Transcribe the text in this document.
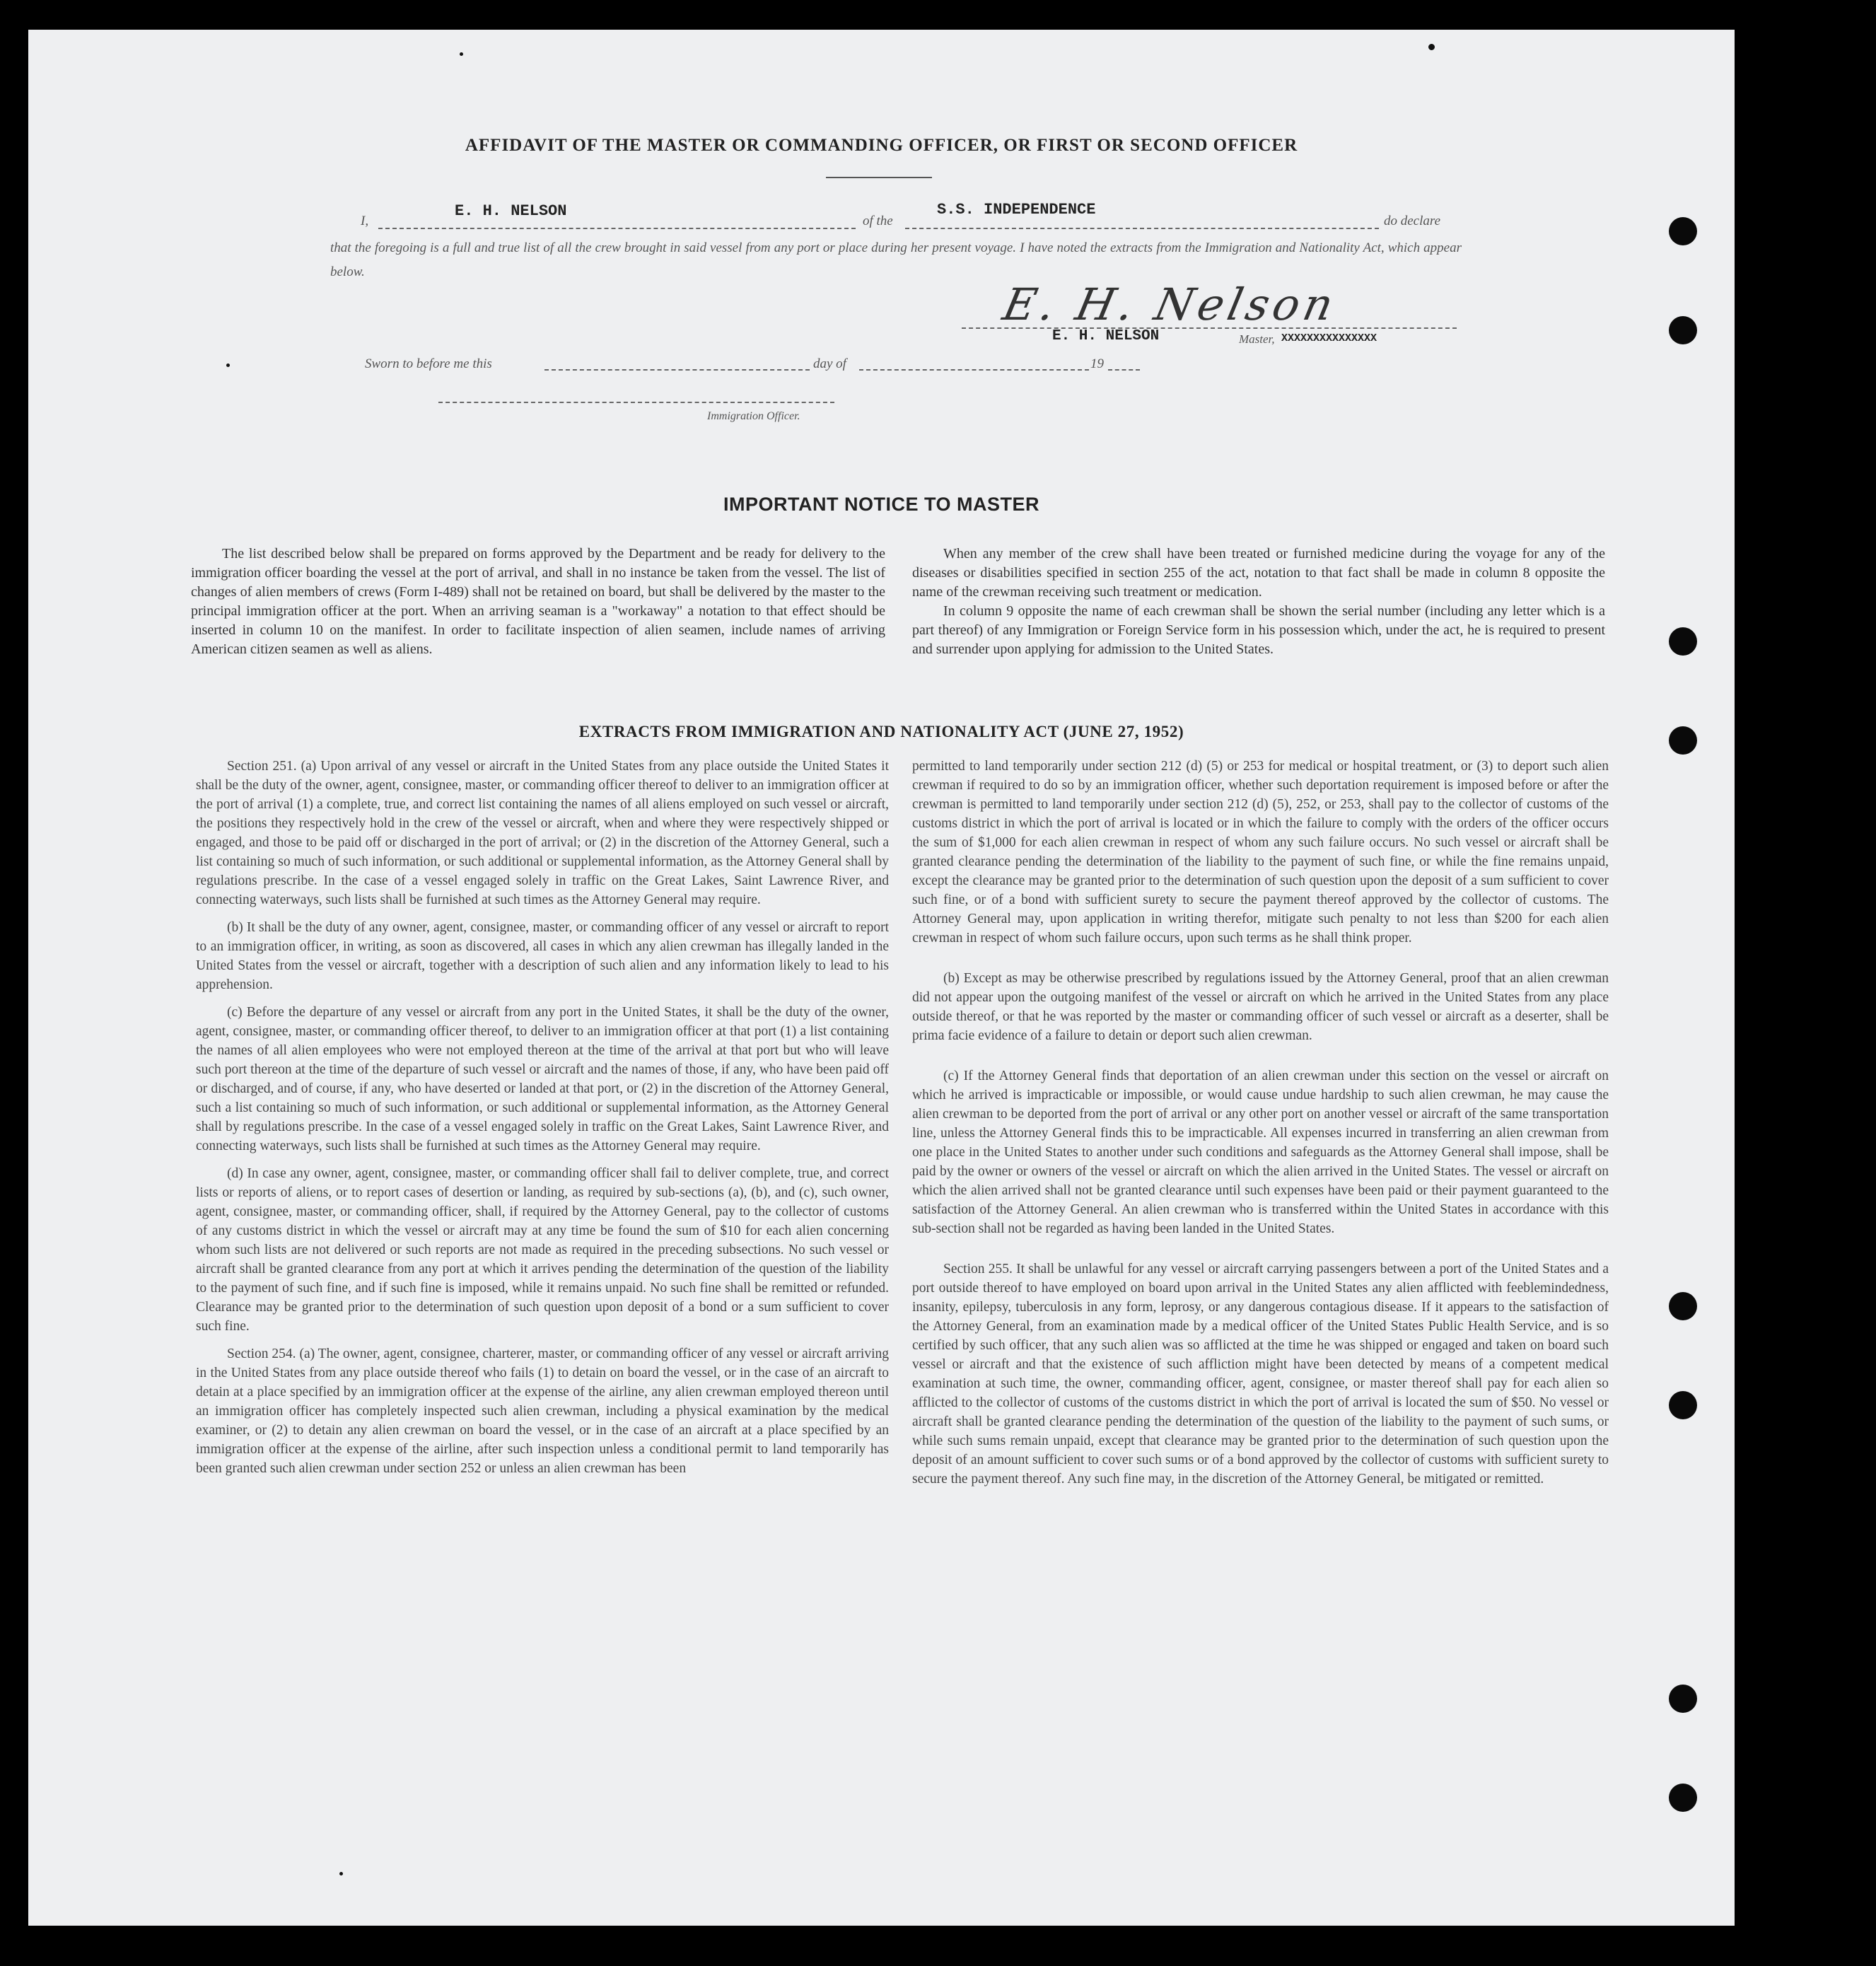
AFFIDAVIT OF THE MASTER OR COMMANDING OFFICER, OR FIRST OR SECOND OFFICER
I,
E. H. NELSON
of the
S.S. INDEPENDENCE
do declare
that the foregoing is a full and true list of all the crew brought in said vessel from any port or place during her present voyage. I have noted the extracts from the Immigration and Nationality Act, which appear below.
E. H. Nelson
E. H. NELSON	Master, XXXXXXXXXXXXXXX
Sworn to before me this	day of	19
Immigration Officer.
IMPORTANT NOTICE TO MASTER

The list described below shall be prepared on forms approved by the Department and be ready for delivery to the immigration officer boarding the vessel at the port of arrival, and shall in no instance be taken from the vessel. The list of changes of alien members of crews (Form I-489) shall not be retained on board, but shall be delivered by the master to the principal immigration officer at the port. When an arriving seaman is a "workaway" a notation to that effect should be inserted in column 10 on the manifest. In order to facilitate inspection of alien seamen, include names of arriving American citizen seamen as well as aliens.

When any member of the crew shall have been treated or furnished medicine during the voyage for any of the diseases or disabilities specified in section 255 of the act, notation to that fact shall be made in column 8 opposite the name of the crewman receiving such treatment or medication.

In column 9 opposite the name of each crewman shall be shown the serial number (including any letter which is a part thereof) of any Immigration or Foreign Service form in his possession which, under the act, he is required to present and surrender upon applying for admission to the United States.

EXTRACTS FROM IMMIGRATION AND NATIONALITY ACT (JUNE 27, 1952)

Section 251. (a) Upon arrival of any vessel or aircraft in the United States from any place outside the United States it shall be the duty of the owner, agent, consignee, master, or commanding officer thereof to deliver to an immigration officer at the port of arrival (1) a complete, true, and correct list containing the names of all aliens employed on such vessel or aircraft, the positions they respectively hold in the crew of the vessel or aircraft, when and where they were respectively shipped or engaged, and those to be paid off or discharged in the port of arrival; or (2) in the discretion of the Attorney General, such a list containing so much of such information, or such additional or supplemental information, as the Attorney General shall by regulations prescribe. In the case of a vessel engaged solely in traffic on the Great Lakes, Saint Lawrence River, and connecting waterways, such lists shall be furnished at such times as the Attorney General may require.

(b) It shall be the duty of any owner, agent, consignee, master, or commanding officer of any vessel or aircraft to report to an immigration officer, in writing, as soon as discovered, all cases in which any alien crewman has illegally landed in the United States from the vessel or aircraft, together with a description of such alien and any information likely to lead to his apprehension.

(c) Before the departure of any vessel or aircraft from any port in the United States, it shall be the duty of the owner, agent, consignee, master, or commanding officer thereof, to deliver to an immigration officer at that port (1) a list containing the names of all alien employees who were not employed thereon at the time of the arrival at that port but who will leave such port thereon at the time of the departure of such vessel or aircraft and the names of those, if any, who have been paid off or discharged, and of course, if any, who have deserted or landed at that port, or (2) in the discretion of the Attorney General, such a list containing so much of such information, or such additional or supplemental information, as the Attorney General shall by regulations prescribe. In the case of a vessel engaged solely in traffic on the Great Lakes, Saint Lawrence River, and connecting waterways, such lists shall be furnished at such times as the Attorney General may require.

(d) In case any owner, agent, consignee, master, or commanding officer shall fail to deliver complete, true, and correct lists or reports of aliens, or to report cases of desertion or landing, as required by sub-sections (a), (b), and (c), such owner, agent, consignee, master, or commanding officer, shall, if required by the Attorney General, pay to the collector of customs of any customs district in which the vessel or aircraft may at any time be found the sum of $10 for each alien concerning whom such lists are not delivered or such reports are not made as required in the preceding subsections. No such vessel or aircraft shall be granted clearance from any port at which it arrives pending the determination of the question of the liability to the payment of such fine, and if such fine is imposed, while it remains unpaid. No such fine shall be remitted or refunded. Clearance may be granted prior to the determination of such question upon deposit of a bond or a sum sufficient to cover such fine.

Section 254. (a) The owner, agent, consignee, charterer, master, or commanding officer of any vessel or aircraft arriving in the United States from any place outside thereof who fails (1) to detain on board the vessel, or in the case of an aircraft to detain at a place specified by an immigration officer at the expense of the airline, any alien crewman employed thereon until an immigration officer has completely inspected such alien crewman, including a physical examination by the medical examiner, or (2) to detain any alien crewman on board the vessel, or in the case of an aircraft at a place specified by an immigration officer at the expense of the airline, after such inspection unless a conditional permit to land temporarily has been granted such alien crewman under section 252 or unless an alien crewman has been

permitted to land temporarily under section 212 (d) (5) or 253 for medical or hospital treatment, or (3) to deport such alien crewman if required to do so by an immigration officer, whether such deportation requirement is imposed before or after the crewman is permitted to land temporarily under section 212 (d) (5), 252, or 253, shall pay to the collector of customs of the customs district in which the port of arrival is located or in which the failure to comply with the orders of the officer occurs the sum of $1,000 for each alien crewman in respect of whom any such failure occurs. No such vessel or aircraft shall be granted clearance pending the determination of the liability to the payment of such fine, or while the fine remains unpaid, except the clearance may be granted prior to the determination of such question upon the deposit of a sum sufficient to cover such fine, or of a bond with sufficient surety to secure the payment thereof approved by the collector of customs. The Attorney General may, upon application in writing therefor, mitigate such penalty to not less than $200 for each alien crewman in respect of whom such failure occurs, upon such terms as he shall think proper.

(b) Except as may be otherwise prescribed by regulations issued by the Attorney General, proof that an alien crewman did not appear upon the outgoing manifest of the vessel or aircraft on which he arrived in the United States from any place outside thereof, or that he was reported by the master or commanding officer of such vessel or aircraft as a deserter, shall be prima facie evidence of a failure to detain or deport such alien crewman.

(c) If the Attorney General finds that deportation of an alien crewman under this section on the vessel or aircraft on which he arrived is impracticable or impossible, or would cause undue hardship to such alien crewman, he may cause the alien crewman to be deported from the port of arrival or any other port on another vessel or aircraft of the same transportation line, unless the Attorney General finds this to be impracticable. All expenses incurred in transferring an alien crewman from one place in the United States to another under such conditions and safeguards as the Attorney General shall impose, shall be paid by the owner or owners of the vessel or aircraft on which the alien arrived in the United States. The vessel or aircraft on which the alien arrived shall not be granted clearance until such expenses have been paid or their payment guaranteed to the satisfaction of the Attorney General. An alien crewman who is transferred within the United States in accordance with this sub-section shall not be regarded as having been landed in the United States.

Section 255. It shall be unlawful for any vessel or aircraft carrying passengers between a port of the United States and a port outside thereof to have employed on board upon arrival in the United States any alien afflicted with feeblemindedness, insanity, epilepsy, tuberculosis in any form, leprosy, or any dangerous contagious disease. If it appears to the satisfaction of the Attorney General, from an examination made by a medical officer of the United States Public Health Service, and is so certified by such officer, that any such alien was so afflicted at the time he was shipped or engaged and taken on board such vessel or aircraft and that the existence of such affliction might have been detected by means of a competent medical examination at such time, the owner, commanding officer, agent, consignee, or master thereof shall pay for each alien so afflicted to the collector of customs of the customs district in which the port of arrival is located the sum of $50. No vessel or aircraft shall be granted clearance pending the determination of the question of the liability to the payment of such sums, or while such sums remain unpaid, except that clearance may be granted prior to the determination of such question upon the deposit of an amount sufficient to cover such sums or of a bond approved by the collector of customs with sufficient surety to secure the payment thereof. Any such fine may, in the discretion of the Attorney General, be mitigated or remitted.
